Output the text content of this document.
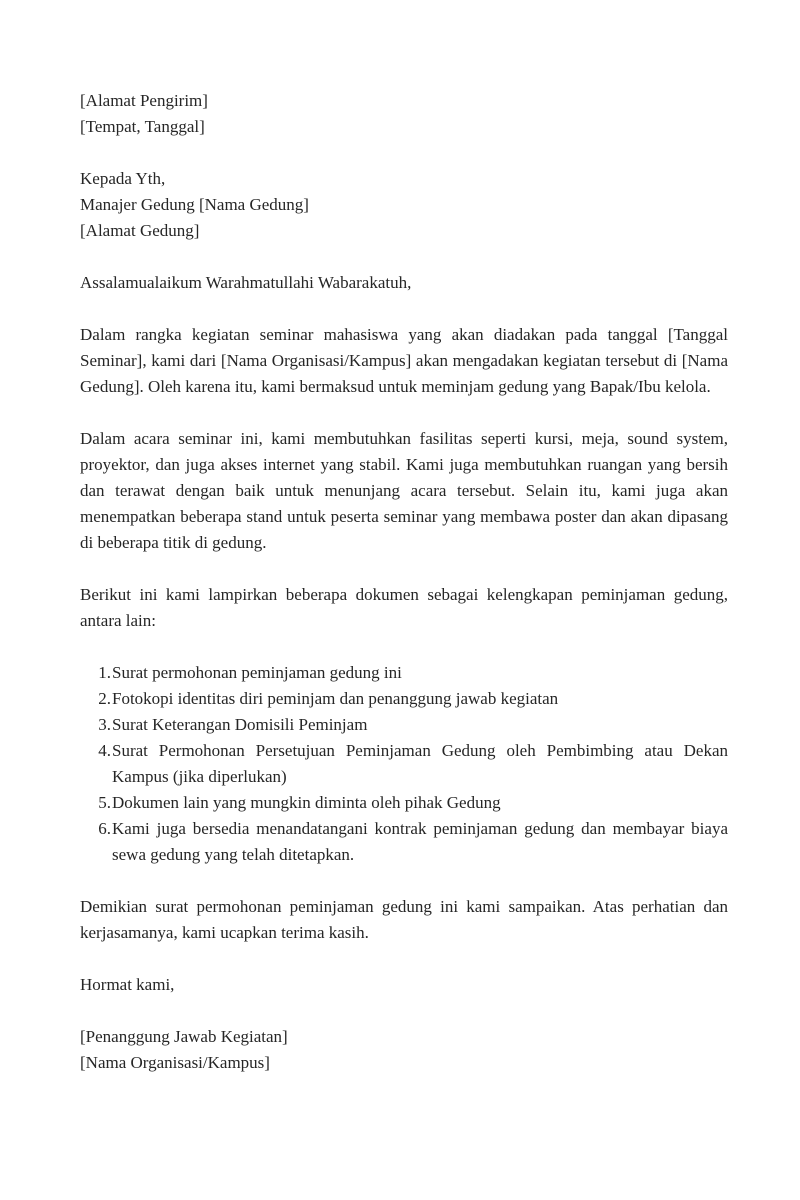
[Alamat Pengirim]
[Tempat, Tanggal]
Kepada Yth,
Manajer Gedung [Nama Gedung]
[Alamat Gedung]
Assalamualaikum Warahmatullahi Wabarakatuh,

Dalam rangka kegiatan seminar mahasiswa yang akan diadakan pada tanggal [Tanggal Seminar], kami dari [Nama Organisasi/Kampus] akan mengadakan kegiatan tersebut di [Nama Gedung]. Oleh karena itu, kami bermaksud untuk meminjam gedung yang Bapak/Ibu kelola.

Dalam acara seminar ini, kami membutuhkan fasilitas seperti kursi, meja, sound system, proyektor, dan juga akses internet yang stabil. Kami juga membutuhkan ruangan yang bersih dan terawat dengan baik untuk menunjang acara tersebut. Selain itu, kami juga akan menempatkan beberapa stand untuk peserta seminar yang membawa poster dan akan dipasang di beberapa titik di gedung.

Berikut ini kami lampirkan beberapa dokumen sebagai kelengkapan peminjaman gedung, antara lain:

1. Surat permohonan peminjaman gedung ini
2. Fotokopi identitas diri peminjam dan penanggung jawab kegiatan
3. Surat Keterangan Domisili Peminjam
4. Surat Permohonan Persetujuan Peminjaman Gedung oleh Pembimbing atau Dekan Kampus (jika diperlukan)
5. Dokumen lain yang mungkin diminta oleh pihak Gedung
6. Kami juga bersedia menandatangani kontrak peminjaman gedung dan membayar biaya sewa gedung yang telah ditetapkan.

Demikian surat permohonan peminjaman gedung ini kami sampaikan. Atas perhatian dan kerjasamanya, kami ucapkan terima kasih.

Hormat kami,
[Penanggung Jawab Kegiatan]
[Nama Organisasi/Kampus]
